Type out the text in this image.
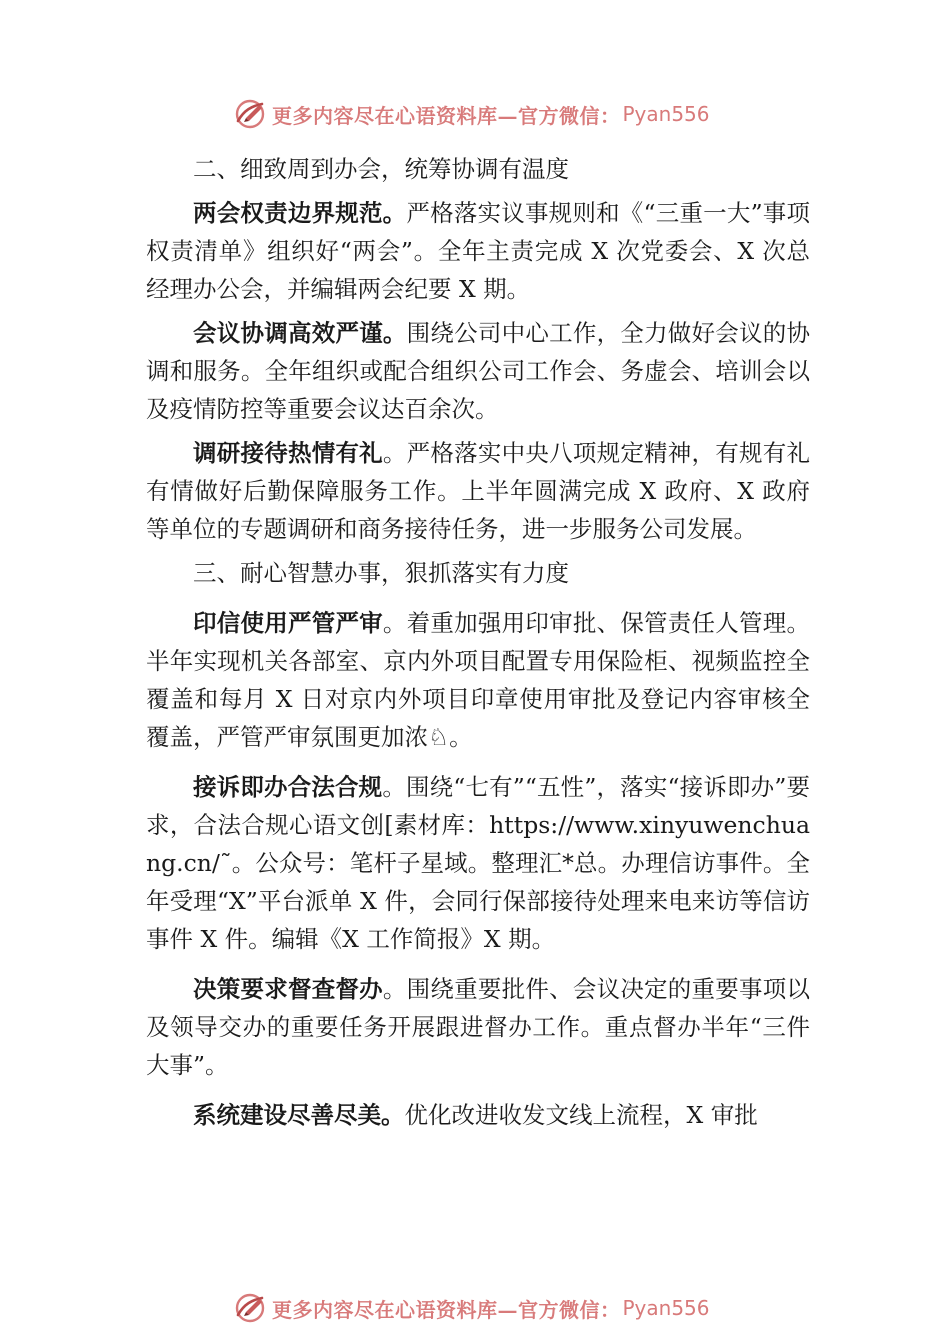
更多内容尽在心语资料库—官方微信： Pyan556

二、细致周到办会，统筹协调有温度

两会权责边界规范。严格落实议事规则和《“三重一大”事项权责清单》组织好“两会”。全年主责完成 X 次党委会、X 次总经理办公会，并编辑两会纪要 X 期。

会议协调高效严谨。围绕公司中心工作，全力做好会议的协调和服务。全年组织或配合组织公司工作会、务虚会、培训会以及疫情防控等重要会议达百余次。

调研接待热情有礼。严格落实中央八项规定精神，有规有礼有情做好后勤保障服务工作。上半年圆满完成 X 政府、X 政府等单位的专题调研和商务接待任务，进一步服务公司发展。

三、耐心智慧办事，狠抓落实有力度

印信使用严管严审。着重加强用印审批、保管责任人管理。半年实现机关各部室、京内外项目配置专用保险柜、视频监控全覆盖和每月 X 日对京内外项目印章使用审批及登记内容审核全覆盖，严管严审氛围更加浓♘。

接诉即办合法合规。围绕“七有”“五性”，落实“接诉即办”要求，合法合规心语文创[素材库：https://www.xinyuwenchuang.cn/˜。公众号：笔杆子星域。整理汇*总。办理信访事件。全年受理“X”平台派单 X 件，会同行保部接待处理来电来访等信访事件 X 件。编辑《X 工作简报》X 期。

决策要求督查督办。围绕重要批件、会议决定的重要事项以及领导交办的重要任务开展跟进督办工作。重点督办半年“三件大事”。

系统建设尽善尽美。优化改进收发文线上流程，X 审批

更多内容尽在心语资料库—官方微信： Pyan556
